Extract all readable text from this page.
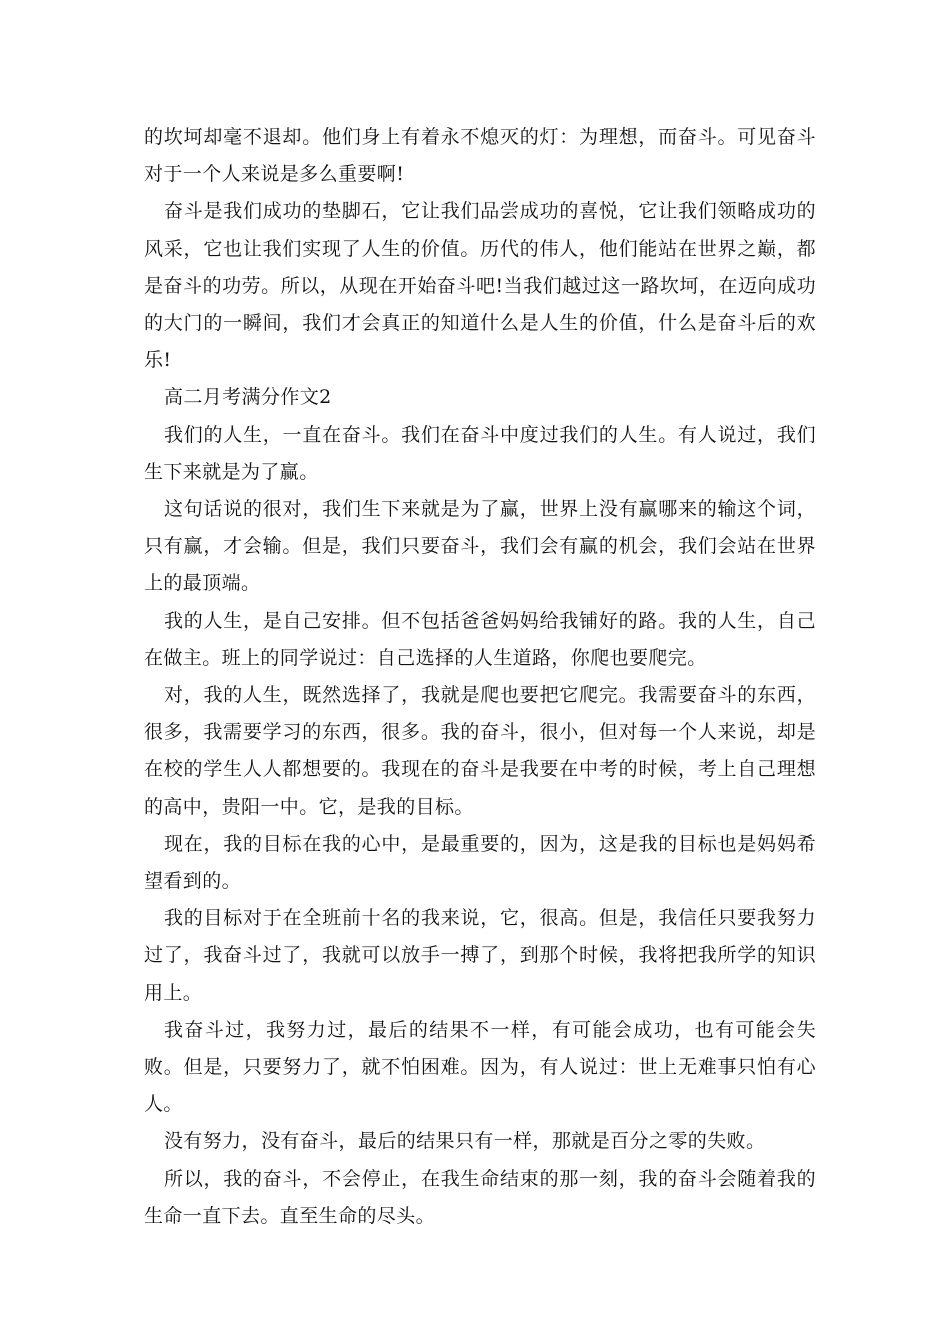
的坎坷却毫不退却。他们身上有着永不熄灭的灯：为理想，而奋斗。可见奋斗对于一个人来说是多么重要啊!

奋斗是我们成功的垫脚石，它让我们品尝成功的喜悦，它让我们领略成功的风采，它也让我们实现了人生的价值。历代的伟人，他们能站在世界之巅，都是奋斗的功劳。所以，从现在开始奋斗吧!当我们越过这一路坎坷，在迈向成功的大门的一瞬间，我们才会真正的知道什么是人生的价值，什么是奋斗后的欢乐!

高二月考满分作文2

我们的人生，一直在奋斗。我们在奋斗中度过我们的人生。有人说过，我们生下来就是为了赢。

这句话说的很对，我们生下来就是为了赢，世界上没有赢哪来的输这个词，只有赢，才会输。但是，我们只要奋斗，我们会有赢的机会，我们会站在世界上的最顶端。

我的人生，是自己安排。但不包括爸爸妈妈给我铺好的路。我的人生，自己在做主。班上的同学说过：自己选择的人生道路，你爬也要爬完。

对，我的人生，既然选择了，我就是爬也要把它爬完。我需要奋斗的东西，很多，我需要学习的东西，很多。我的奋斗，很小，但对每一个人来说，却是在校的学生人人都想要的。我现在的奋斗是我要在中考的时候，考上自己理想的高中，贵阳一中。它，是我的目标。

现在，我的目标在我的心中，是最重要的，因为，这是我的目标也是妈妈希望看到的。

我的目标对于在全班前十名的我来说，它，很高。但是，我信任只要我努力过了，我奋斗过了，我就可以放手一搏了，到那个时候，我将把我所学的知识用上。

我奋斗过，我努力过，最后的结果不一样，有可能会成功，也有可能会失败。但是，只要努力了，就不怕困难。因为，有人说过：世上无难事只怕有心人。

没有努力，没有奋斗，最后的结果只有一样，那就是百分之零的失败。

所以，我的奋斗，不会停止，在我生命结束的那一刻，我的奋斗会随着我的生命一直下去。直至生命的尽头。
